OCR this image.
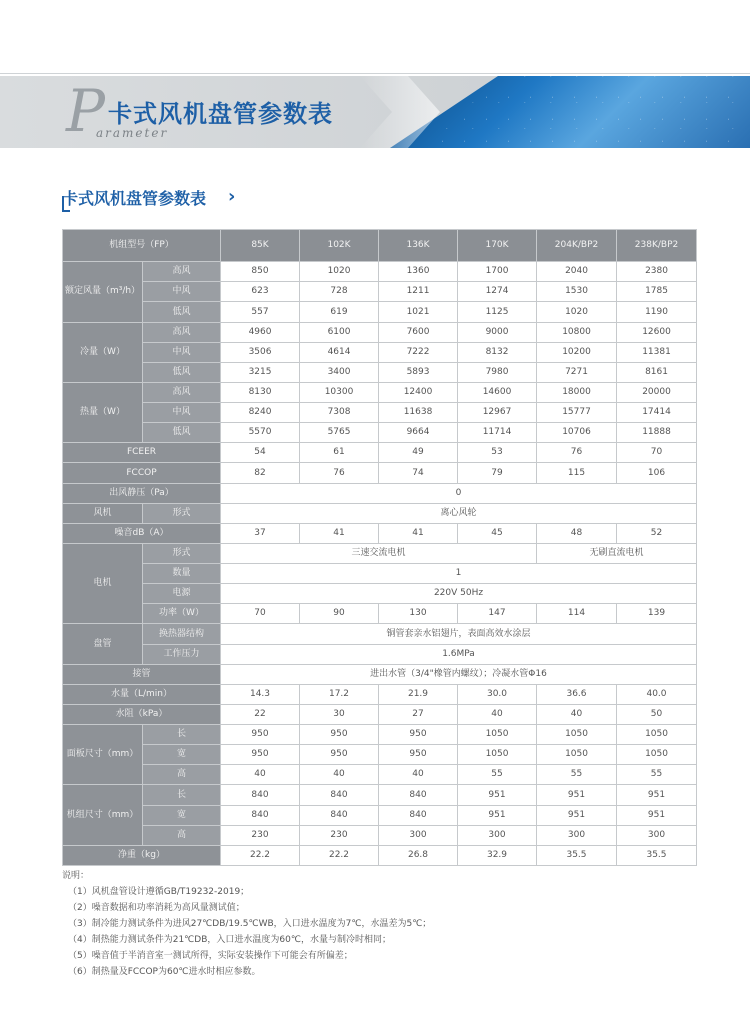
P 卡式风机盘管参数表
arameter
卡式风机盘管参数表 ›
机组型号（FP）		85K	102K	136K	170K	204K/BP2	238K/BP2
额定风量（m³/h）	高风	850	1020	1360	1700	2040	2380
	中风	623	728	1211	1274	1530	1785
	低风	557	619	1021	1125	1020	1190
冷量（W）	高风	4960	6100	7600	9000	10800	12600
	中风	3506	4614	7222	8132	10200	11381
	低风	3215	3400	5893	7980	7271	8161
热量（W）	高风	8130	10300	12400	14600	18000	20000
	中风	8240	7308	11638	12967	15777	17414
	低风	5570	5765	9664	11714	10706	11888
FCEER		54	61	49	53	76	70
FCCOP		82	76	74	79	115	106
出风静压（Pa）		0					
风机	形式	离心风轮					
噪音dB（A）		37	41	41	45	48	52
电机	形式	三速交流电机				无刷直流电机	
	数量	1					
	电源	220V 50Hz					
	功率（W）	70	90	130	147	114	139
盘管	换热器结构	铜管套亲水铝翅片，表面高效水涂层					
	工作压力	1.6MPa					
接管		进出水管（3/4"橡管内螺纹）；冷凝水管Φ16					
水量（L/min）		14.3	17.2	21.9	30.0	36.6	40.0
水阻（kPa）		22	30	27	40	40	50
面板尺寸（mm）	长	950	950	950	1050	1050	1050
	宽	950	950	950	1050	1050	1050
	高	40	40	40	55	55	55
机组尺寸（mm）	长	840	840	840	951	951	951
	宽	840	840	840	951	951	951
	高	230	230	300	300	300	300
净重（kg）		22.2	22.2	26.8	32.9	35.5	35.5
说明：
（1）风机盘管设计遵循GB/T19232-2019；
（2）噪音数据和功率消耗为高风量测试值；
（3）制冷能力测试条件为进风27℃DB/19.5℃WB，入口进水温度为7℃，水温差为5℃；
（4）制热能力测试条件为21℃DB，入口进水温度为60℃，水量与制冷时相同；
（5）噪音值于半消音室一测试所得，实际安装操作下可能会有所偏差；
（6）制热量及FCCOP为60℃进水时相应参数。
